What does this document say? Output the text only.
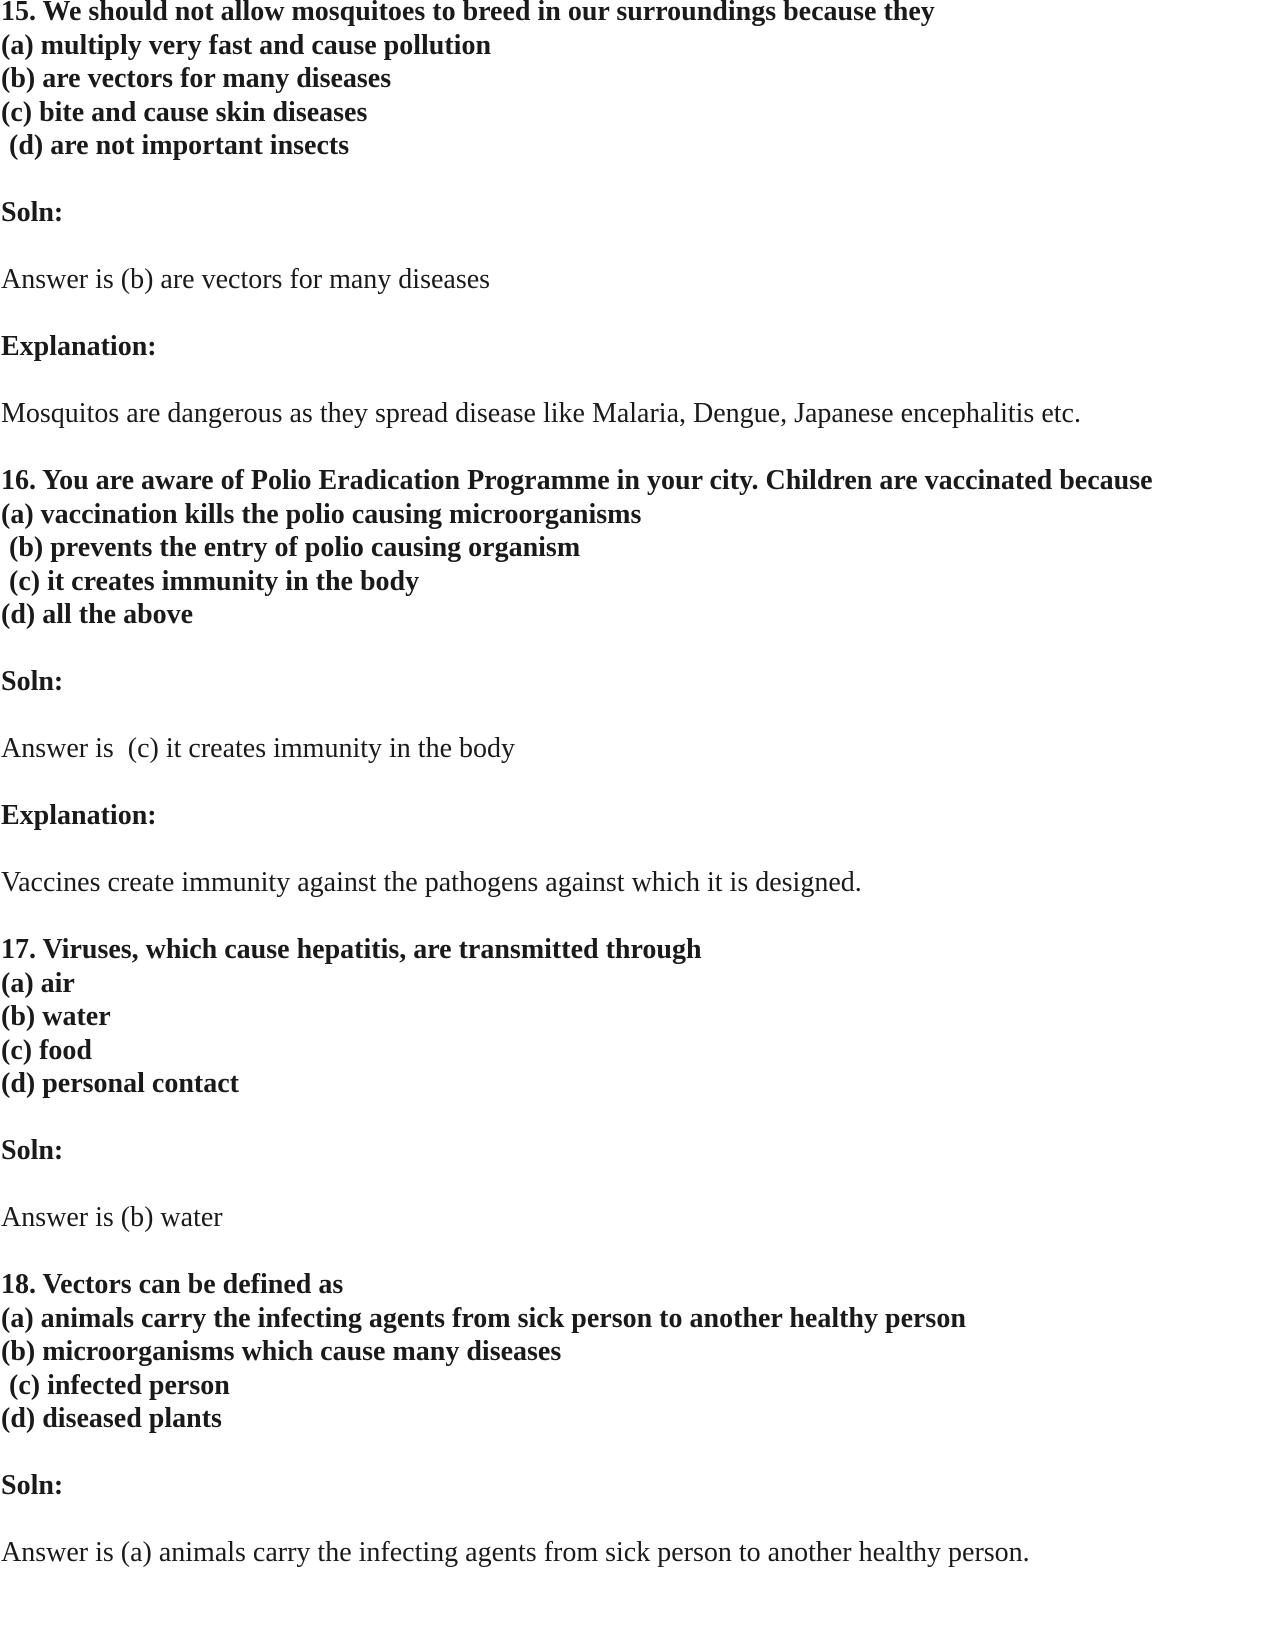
15. We should not allow mosquitoes to breed in our surroundings because they
(a) multiply very fast and cause pollution
(b) are vectors for many diseases
(c) bite and cause skin diseases
(d) are not important insects
Soln:
Answer is (b) are vectors for many diseases
Explanation:
Mosquitos are dangerous as they spread disease like Malaria, Dengue, Japanese encephalitis etc.
16. You are aware of Polio Eradication Programme in your city. Children are vaccinated because
(a) vaccination kills the polio causing microorganisms
(b) prevents the entry of polio causing organism
(c) it creates immunity in the body
(d) all the above
Soln:
Answer is  (c) it creates immunity in the body
Explanation:
Vaccines create immunity against the pathogens against which it is designed.
17. Viruses, which cause hepatitis, are transmitted through
(a) air
(b) water
(c) food
(d) personal contact
Soln:
Answer is (b) water
18. Vectors can be defined as
(a) animals carry the infecting agents from sick person to another healthy person
(b) microorganisms which cause many diseases
(c) infected person
(d) diseased plants
Soln:
Answer is (a) animals carry the infecting agents from sick person to another healthy person.
